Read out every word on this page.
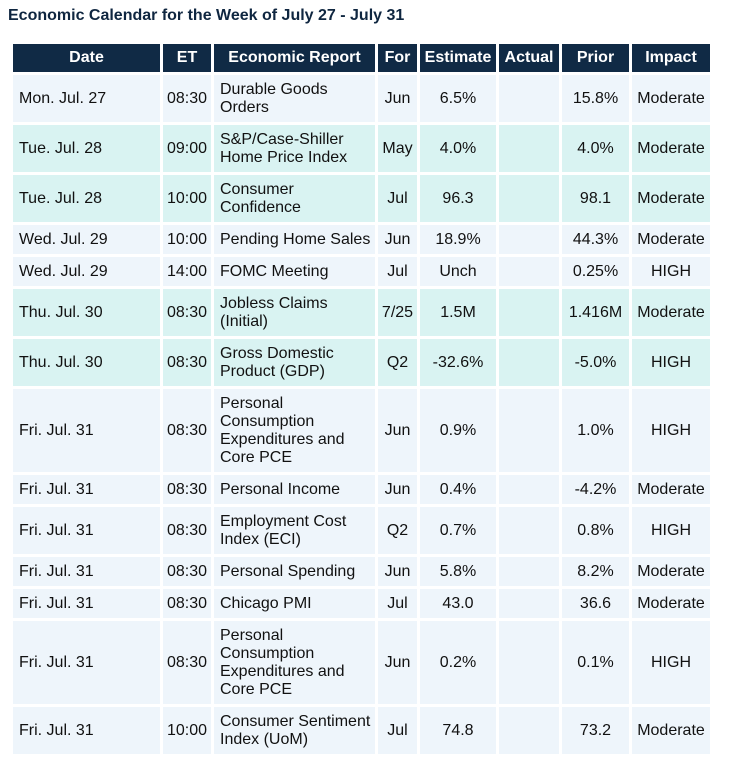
Economic Calendar for the Week of July 27 - July 31
Date	ET	Economic Report	For	Estimate	Actual	Prior	Impact
Mon. Jul. 27	08:30	Durable Goods Orders	Jun	6.5%		15.8%	Moderate
Tue. Jul. 28	09:00	S&P/Case-Shiller Home Price Index	May	4.0%		4.0%	Moderate
Tue. Jul. 28	10:00	Consumer Confidence	Jul	96.3		98.1	Moderate
Wed. Jul. 29	10:00	Pending Home Sales	Jun	18.9%		44.3%	Moderate
Wed. Jul. 29	14:00	FOMC Meeting	Jul	Unch		0.25%	HIGH
Thu. Jul. 30	08:30	Jobless Claims (Initial)	7/25	1.5M		1.416M	Moderate
Thu. Jul. 30	08:30	Gross Domestic Product (GDP)	Q2	-32.6%		-5.0%	HIGH
Fri. Jul. 31	08:30	Personal Consumption Expenditures and Core PCE	Jun	0.9%		1.0%	HIGH
Fri. Jul. 31	08:30	Personal Income	Jun	0.4%		-4.2%	Moderate
Fri. Jul. 31	08:30	Employment Cost Index (ECI)	Q2	0.7%		0.8%	HIGH
Fri. Jul. 31	08:30	Personal Spending	Jun	5.8%		8.2%	Moderate
Fri. Jul. 31	08:30	Chicago PMI	Jul	43.0		36.6	Moderate
Fri. Jul. 31	08:30	Personal Consumption Expenditures and Core PCE	Jun	0.2%		0.1%	HIGH
Fri. Jul. 31	10:00	Consumer Sentiment Index (UoM)	Jul	74.8		73.2	Moderate
